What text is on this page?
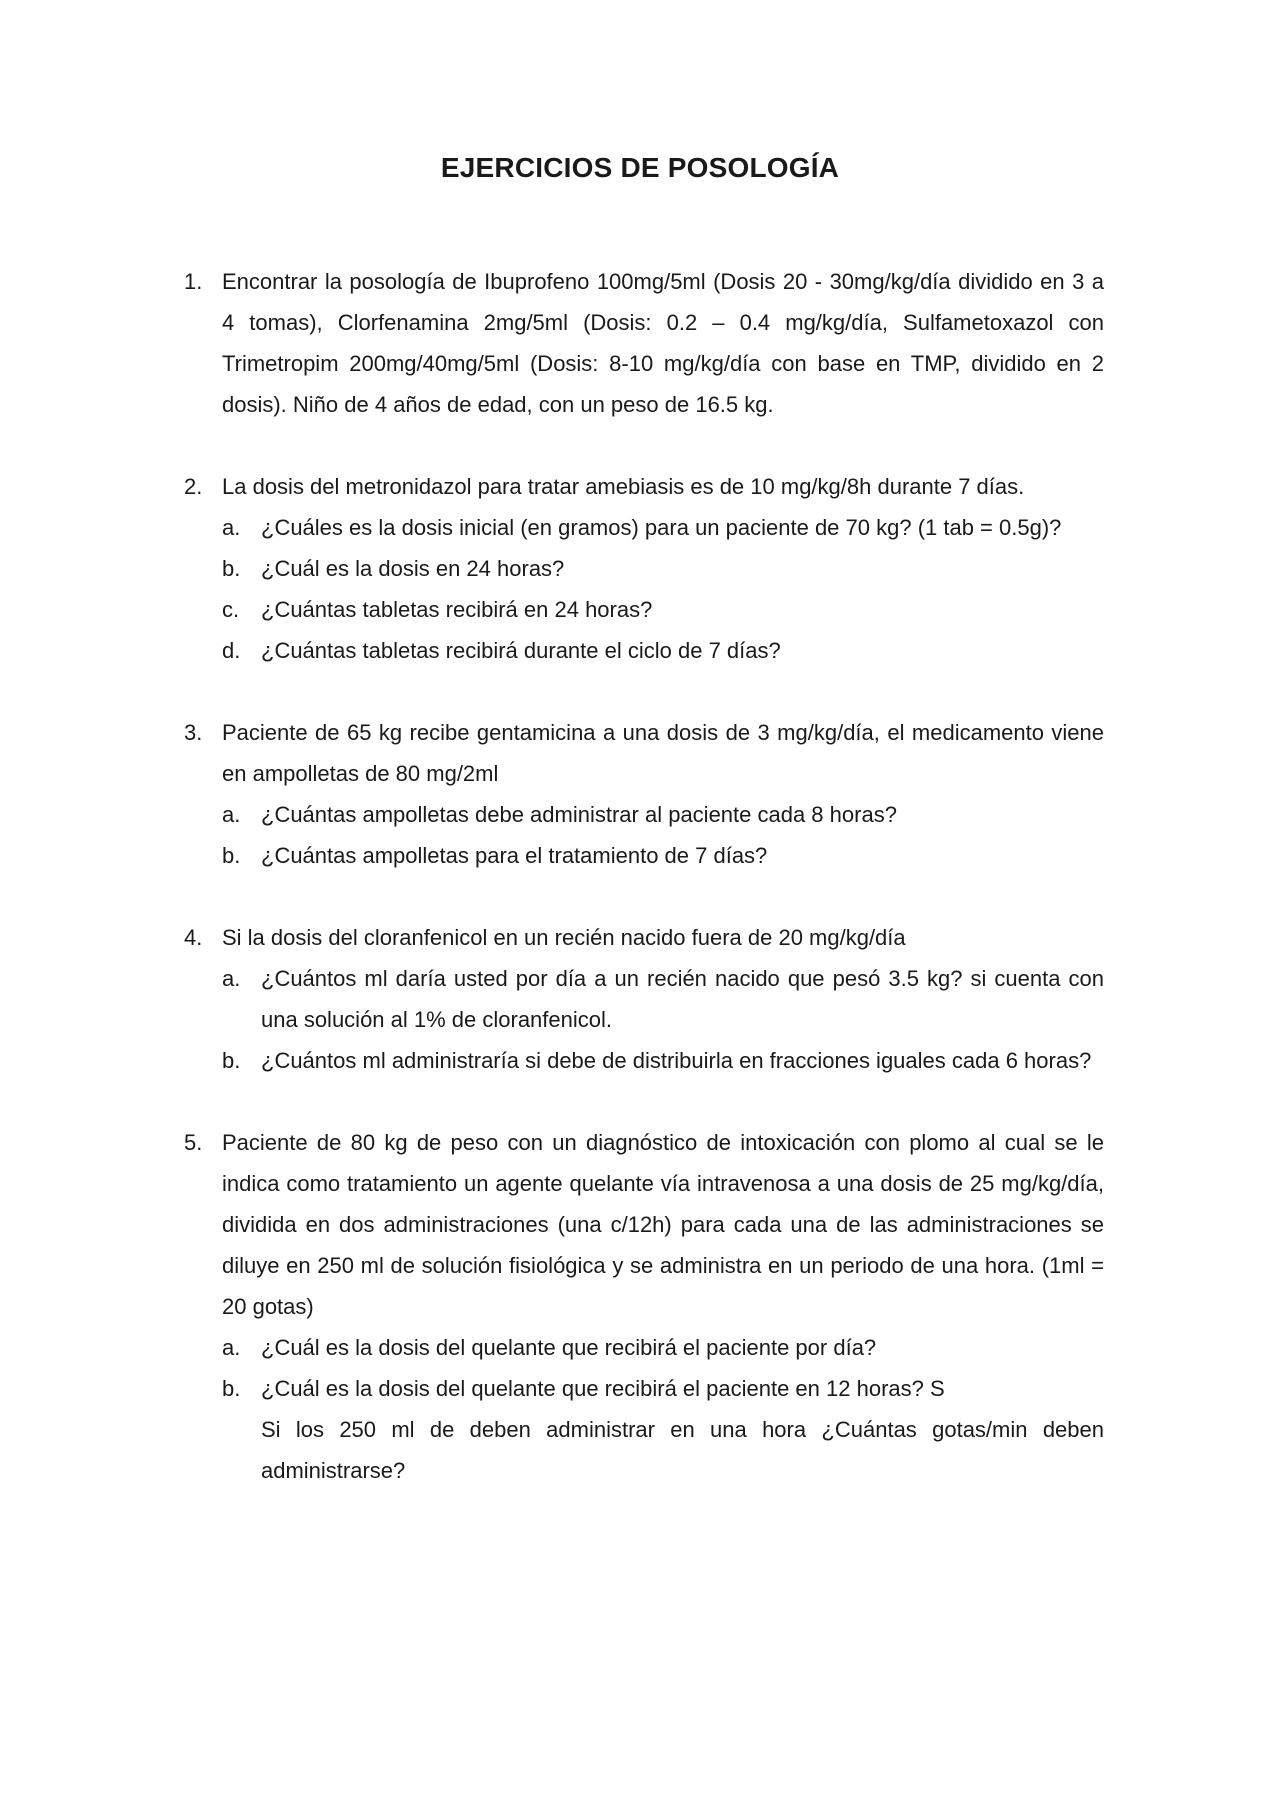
EJERCICIOS DE POSOLOGÍA
1. Encontrar la posología de Ibuprofeno 100mg/5ml (Dosis 20 - 30mg/kg/día dividido en 3 a 4 tomas), Clorfenamina 2mg/5ml (Dosis: 0.2 – 0.4 mg/kg/día, Sulfametoxazol con Trimetropim 200mg/40mg/5ml (Dosis: 8-10 mg/kg/día con base en TMP, dividido en 2 dosis). Niño de 4 años de edad, con un peso de 16.5 kg.
2. La dosis del metronidazol para tratar amebiasis es de 10 mg/kg/8h durante 7 días.
a. ¿Cuáles es la dosis inicial (en gramos) para un paciente de 70 kg? (1 tab = 0.5g)?
b. ¿Cuál es la dosis en 24 horas?
c. ¿Cuántas tabletas recibirá en 24 horas?
d. ¿Cuántas tabletas recibirá durante el ciclo de 7 días?
3. Paciente de 65 kg recibe gentamicina a una dosis de 3 mg/kg/día, el medicamento viene en ampolletas de 80 mg/2ml
a. ¿Cuántas ampolletas debe administrar al paciente cada 8 horas?
b. ¿Cuántas ampolletas para el tratamiento de 7 días?
4. Si la dosis del cloranfenicol en un recién nacido fuera de 20 mg/kg/día
a. ¿Cuántos ml daría usted por día a un recién nacido que pesó 3.5 kg? si cuenta con una solución al 1% de cloranfenicol.
b. ¿Cuántos ml administraría si debe de distribuirla en fracciones iguales cada 6 horas?
5. Paciente de 80 kg de peso con un diagnóstico de intoxicación con plomo al cual se le indica como tratamiento un agente quelante vía intravenosa a una dosis de 25 mg/kg/día, dividida en dos administraciones (una c/12h) para cada una de las administraciones se diluye en 250 ml de solución fisiológica y se administra en un periodo de una hora. (1ml = 20 gotas)
a. ¿Cuál es la dosis del quelante que recibirá el paciente por día?
b. ¿Cuál es la dosis del quelante que recibirá el paciente en 12 horas? S
Si los 250 ml de deben administrar en una hora ¿Cuántas gotas/min deben administrarse?
